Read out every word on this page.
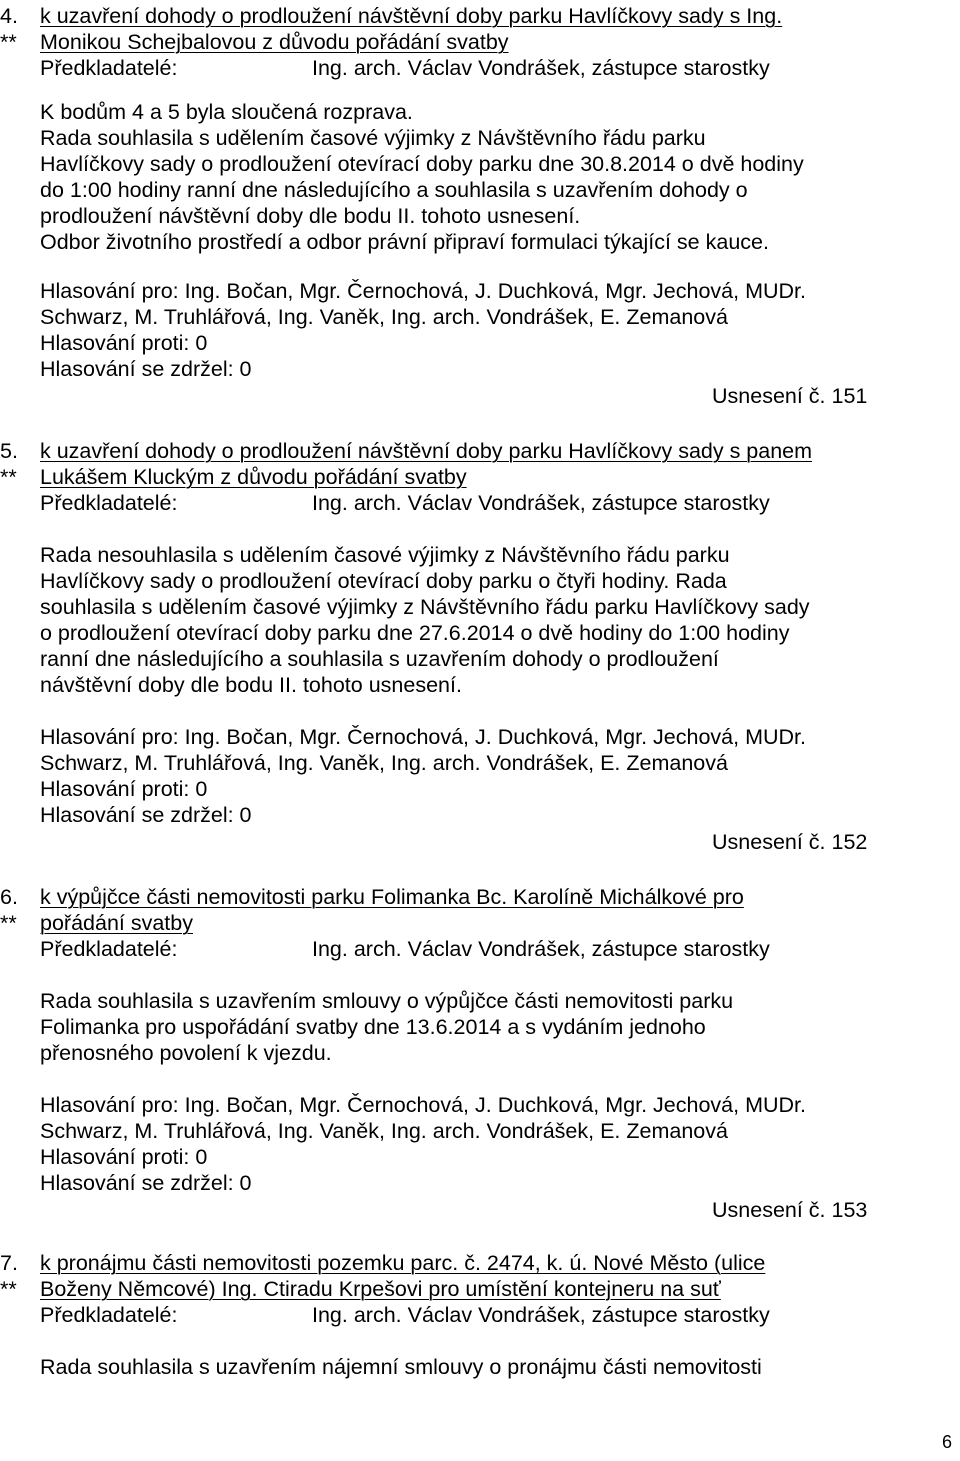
4. k uzavření dohody o prodloužení návštěvní doby parku Havlíčkovy sady s Ing.

** Monikou Schejbalovou z důvodu pořádání svatby

Předkladatelé:	Ing. arch. Václav Vondrášek, zástupce starostky

K bodům 4 a 5 byla sloučená rozprava.

Rada souhlasila s udělením časové výjimky z Návštěvního řádu parku

Havlíčkovy sady o prodloužení otevírací doby parku dne 30.8.2014 o dvě hodiny

do 1:00 hodiny ranní dne následujícího a souhlasila s uzavřením dohody o

prodloužení návštěvní doby dle bodu II. tohoto usnesení.

Odbor životního prostředí a odbor právní připraví formulaci týkající se kauce.

Hlasování pro: Ing. Bočan, Mgr. Černochová, J. Duchková, Mgr. Jechová, MUDr.

Schwarz, M. Truhlářová, Ing. Vaněk, Ing. arch. Vondrášek, E. Zemanová

Hlasování proti: 0

Hlasování se zdržel: 0

Usnesení č. 151

5. k uzavření dohody o prodloužení návštěvní doby parku Havlíčkovy sady s panem

** Lukášem Kluckým z důvodu pořádání svatby

Předkladatelé:	Ing. arch. Václav Vondrášek, zástupce starostky

Rada nesouhlasila s udělením časové výjimky z Návštěvního řádu parku

Havlíčkovy sady o prodloužení otevírací doby parku o čtyři hodiny. Rada

souhlasila s udělením časové výjimky z Návštěvního řádu parku Havlíčkovy sady

o prodloužení otevírací doby parku dne 27.6.2014 o dvě hodiny do 1:00 hodiny

ranní dne následujícího a souhlasila s uzavřením dohody o prodloužení

návštěvní doby dle bodu II. tohoto usnesení.

Hlasování pro: Ing. Bočan, Mgr. Černochová, J. Duchková, Mgr. Jechová, MUDr.

Schwarz, M. Truhlářová, Ing. Vaněk, Ing. arch. Vondrášek, E. Zemanová

Hlasování proti: 0

Hlasování se zdržel: 0

Usnesení č. 152

6. k výpůjčce části nemovitosti parku Folimanka Bc. Karolíně Michálkové pro

** pořádání svatby

Předkladatelé:	Ing. arch. Václav Vondrášek, zástupce starostky

Rada souhlasila s uzavřením smlouvy o výpůjčce části nemovitosti parku

Folimanka pro uspořádání svatby dne 13.6.2014 a s vydáním jednoho

přenosného povolení k vjezdu.

Hlasování pro: Ing. Bočan, Mgr. Černochová, J. Duchková, Mgr. Jechová, MUDr.

Schwarz, M. Truhlářová, Ing. Vaněk, Ing. arch. Vondrášek, E. Zemanová

Hlasování proti: 0

Hlasování se zdržel: 0

Usnesení č. 153

7. k pronájmu části nemovitosti pozemku parc. č. 2474, k. ú. Nové Město (ulice

** Boženy Němcové) Ing. Ctiradu Krpešovi pro umístění kontejneru na suť

Předkladatelé:	Ing. arch. Václav Vondrášek, zástupce starostky

Rada souhlasila s uzavřením nájemní smlouvy o pronájmu části nemovitosti

6
